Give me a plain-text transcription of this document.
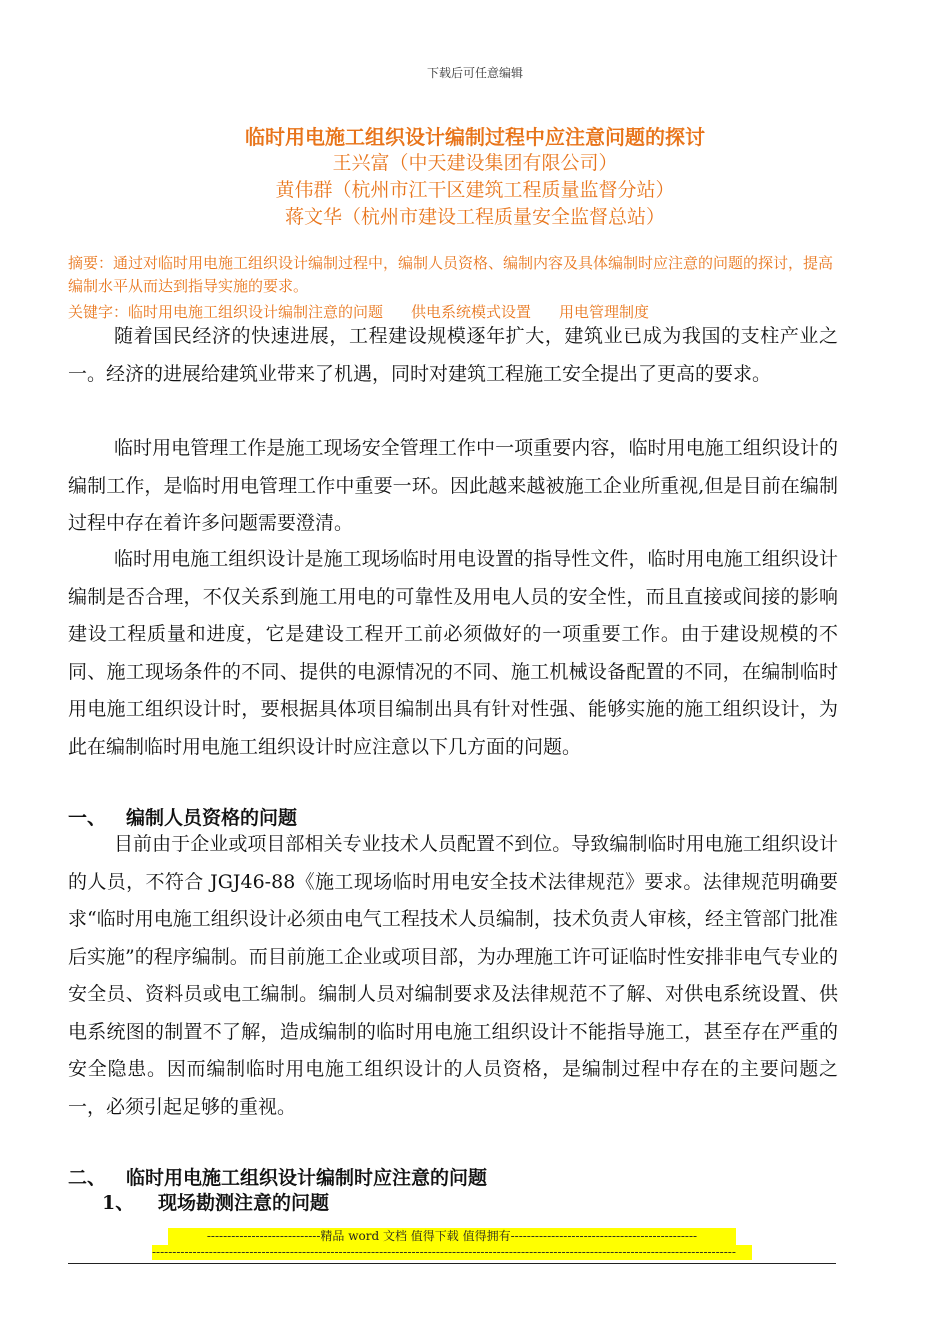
下载后可任意编辑
临时用电施工组织设计编制过程中应注意问题的探讨
王兴富（中天建设集团有限公司）
黄伟群（杭州市江干区建筑工程质量监督分站）
蒋文华（杭州市建设工程质量安全监督总站）
摘要：通过对临时用电施工组织设计编制过程中，编制人员资格、编制内容及具体编制时应注意的问题的探讨，提高编制水平从而达到指导实施的要求。
关键字：临时用电施工组织设计编制注意的问题 供电系统模式设置 用电管理制度
随着国民经济的快速进展，工程建设规模逐年扩大，建筑业已成为我国的支柱产业之一。经济的进展给建筑业带来了机遇，同时对建筑工程施工安全提出了更高的要求。
临时用电管理工作是施工现场安全管理工作中一项重要内容，临时用电施工组织设计的编制工作，是临时用电管理工作中重要一环。因此越来越被施工企业所重视,但是目前在编制过程中存在着许多问题需要澄清。
临时用电施工组织设计是施工现场临时用电设置的指导性文件，临时用电施工组织设计编制是否合理，不仅关系到施工用电的可靠性及用电人员的安全性，而且直接或间接的影响建设工程质量和进度，它是建设工程开工前必须做好的一项重要工作。由于建设规模的不同、施工现场条件的不同、提供的电源情况的不同、施工机械设备配置的不同，在编制临时用电施工组织设计时，要根据具体项目编制出具有针对性强、能够实施的施工组织设计，为此在编制临时用电施工组织设计时应注意以下几方面的问题。
一、 编制人员资格的问题
目前由于企业或项目部相关专业技术人员配置不到位。导致编制临时用电施工组织设计的人员，不符合 JGJ46-88《施工现场临时用电安全技术法律规范》要求。法律规范明确要求“临时用电施工组织设计必须由电气工程技术人员编制，技术负责人审核，经主管部门批准后实施”的程序编制。而目前施工企业或项目部，为办理施工许可证临时性安排非电气专业的安全员、资料员或电工编制。编制人员对编制要求及法律规范不了解、对供电系统设置、供电系统图的制置不了解，造成编制的临时用电施工组织设计不能指导施工，甚至存在严重的安全隐患。因而编制临时用电施工组织设计的人员资格，是编制过程中存在的主要问题之一，必须引起足够的重视。
二、 临时用电施工组织设计编制时应注意的问题
1、 现场勘测注意的问题
----------------------------精品 word 文档 值得下载 值得拥有----------------------------------------------
------------------------------------------------------------------------------------------------------------------------------------------------
